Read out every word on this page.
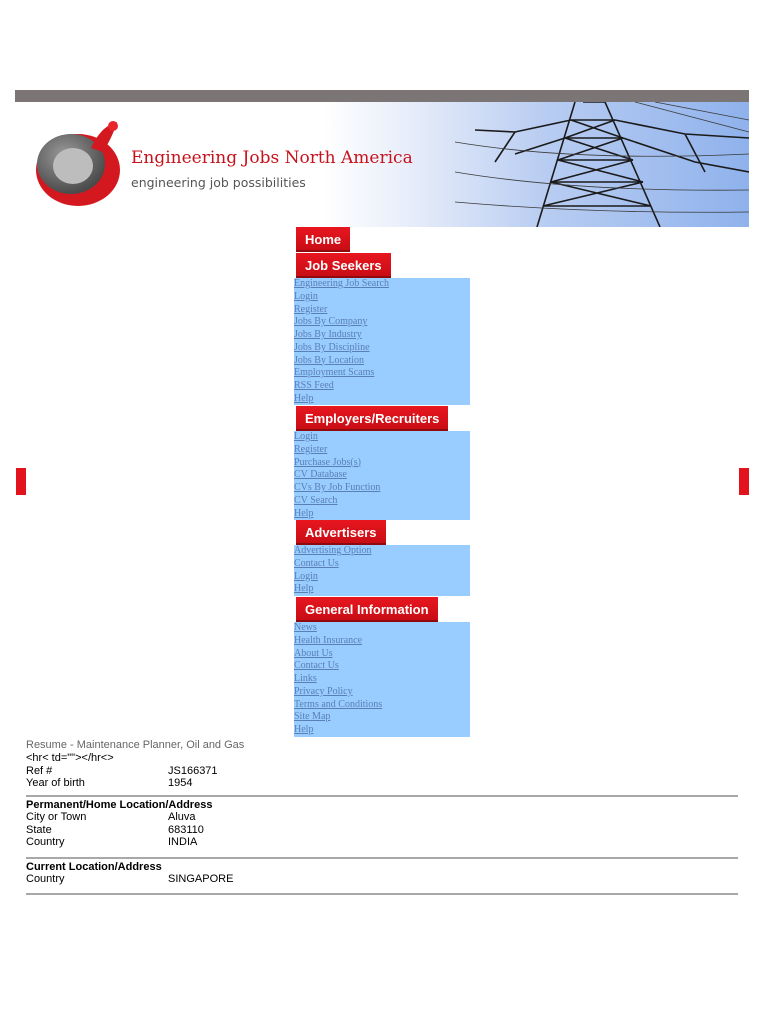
Engineering Jobs North America
engineering job possibilities
Home
Job Seekers
Engineering Job Search
Login
Register
Jobs By Company
Jobs By Industry
Jobs By Discipline
Jobs By Location
Employment Scams
RSS Feed
Help
Employers/Recruiters
Login
Register
Purchase Jobs(s)
CV Database
CVs By Job Function
CV Search
Help
Advertisers
Advertising Option
Contact Us
Login
Help
General Information
News
Health Insurance
About Us
Contact Us
Links
Privacy Policy
Terms and Conditions
Site Map
Help
Resume - Maintenance Planner, Oil and Gas
<hr< td=""></hr<>
Ref #	JS166371
Year of birth	1954
Permanent/Home Location/Address
City or Town	Aluva
State	683110
Country	INDIA
Current Location/Address
Country	SINGAPORE
